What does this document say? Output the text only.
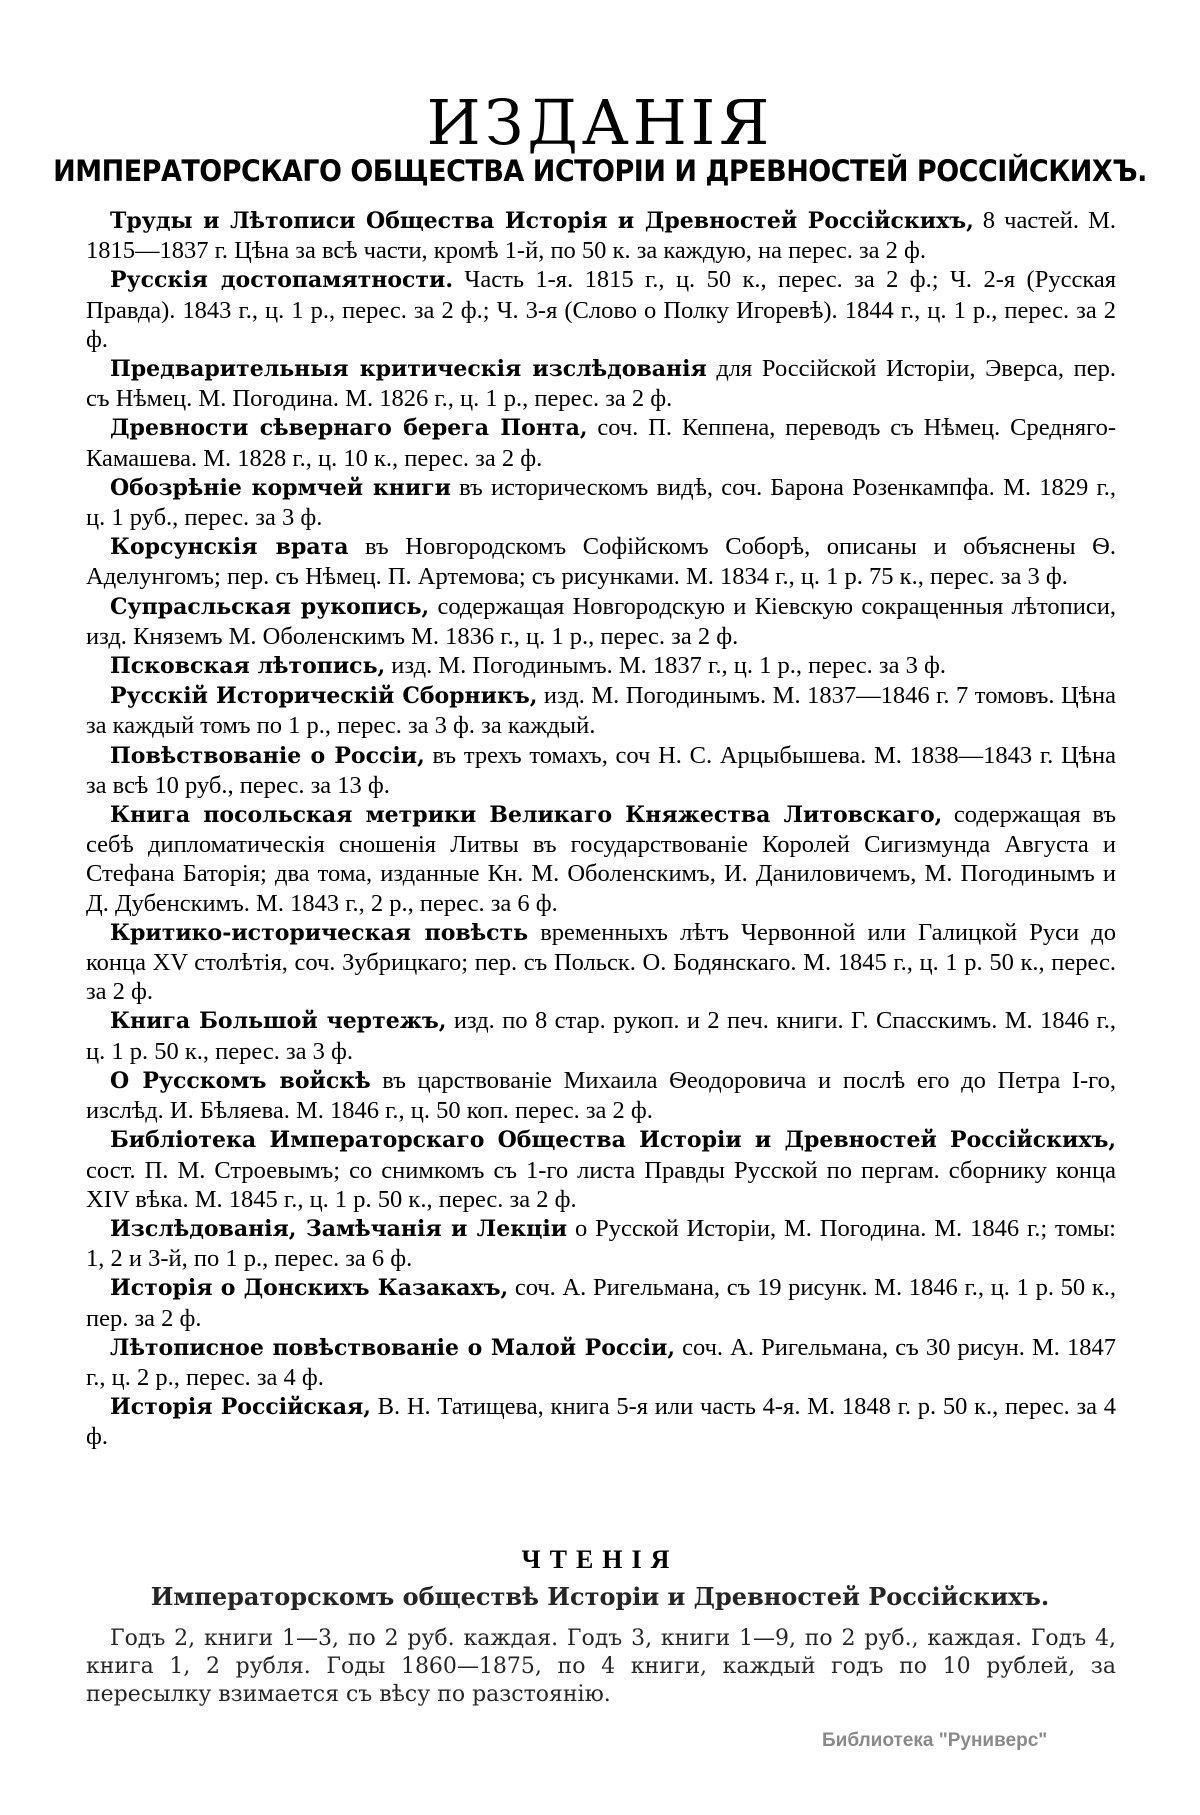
ИЗДАНІЯ
ИМПЕРАТОРСКАГО ОБЩЕСТВА ИСТОРІИ И ДРЕВНОСТЕЙ РОССІЙСКИХЪ.

Труды и Лѣтописи Общества Исторія и Древностей Россійскихъ, 8 частей. М. 1815—1837 г. Цѣна за всѣ части, кромѣ 1-й, по 50 к. за каждую, на перес. за 2 ф.

Русскія достопамятности. Часть 1-я. 1815 г., ц. 50 к., перес. за 2 ф.; Ч. 2-я (Русская Правда). 1843 г., ц. 1 р., перес. за 2 ф.; Ч. 3-я (Слово о Полку Игоревѣ). 1844 г., ц. 1 р., перес. за 2 ф.

Предварительныя критическія изслѣдованія для Россійской Исторіи, Эверса, пер. съ Нѣмец. М. Погодина. М. 1826 г., ц. 1 р., перес. за 2 ф.

Древности сѣвернаго берега Понта, соч. П. Кеппена, переводъ съ Нѣмец. Средняго-Камашева. М. 1828 г., ц. 10 к., перес. за 2 ф.

Обозрѣніе кормчей книги въ историческомъ видѣ, соч. Барона Розенкампфа. М. 1829 г., ц. 1 руб., перес. за 3 ф.

Корсунскія врата въ Новгородскомъ Софійскомъ Соборѣ, описаны и объяснены Ѳ. Аделунгомъ; пер. съ Нѣмец. П. Артемова; съ рисунками. М. 1834 г., ц. 1 р. 75 к., перес. за 3 ф.

Супрасльская рукопись, содержащая Новгородскую и Кіевскую сокращенныя лѣтописи, изд. Княземъ М. Оболенскимъ М. 1836 г., ц. 1 р., перес. за 2 ф.

Псковская лѣтопись, изд. М. Погодинымъ. М. 1837 г., ц. 1 р., перес. за 3 ф.

Русскій Историческій Сборникъ, изд. М. Погодинымъ. М. 1837—1846 г. 7 томовъ. Цѣна за каждый томъ по 1 р., перес. за 3 ф. за каждый.

Повѣствованіе о Россіи, въ трехъ томахъ, соч Н. С. Арцыбышева. М. 1838—1843 г. Цѣна за всѣ 10 руб., перес. за 13 ф.

Книга посольская метрики Великаго Княжества Литовскаго, содержащая въ себѣ дипломатическія сношенія Литвы въ государствованіе Королей Сигизмунда Августа и Стефана Баторія; два тома, изданные Кн. М. Оболенскимъ, И. Даниловичемъ, М. Погодинымъ и Д. Дубенскимъ. М. 1843 г., 2 р., перес. за 6 ф.

Критико-историческая повѣсть временныхъ лѣтъ Червонной или Галицкой Руси до конца XV столѣтія, соч. Зубрицкаго; пер. съ Польск. О. Бодянскаго. М. 1845 г., ц. 1 р. 50 к., перес. за 2 ф.

Книга Большой чертежъ, изд. по 8 стар. рукоп. и 2 печ. книги. Г. Спасскимъ. М. 1846 г., ц. 1 р. 50 к., перес. за 3 ф.

О Русскомъ войскѣ въ царствованіе Михаила Ѳеодоровича и послѣ его до Петра I-го, изслѣд. И. Бѣляева. М. 1846 г., ц. 50 коп. перес. за 2 ф.

Библіотека Императорскаго Общества Исторіи и Древностей Россійскихъ, сост. П. М. Строевымъ; со снимкомъ съ 1-го листа Правды Русской по пергам. сборнику конца XIV вѣка. М. 1845 г., ц. 1 р. 50 к., перес. за 2 ф.

Изслѣдованія, Замѣчанія и Лекціи о Русской Исторіи, М. Погодина. М. 1846 г.; томы: 1, 2 и 3-й, по 1 р., перес. за 6 ф.

Исторія о Донскихъ Казакахъ, соч. А. Ригельмана, съ 19 рисунк. М. 1846 г., ц. 1 р. 50 к., пер. за 2 ф.

Лѣтописное повѣствованіе о Малой Россіи, соч. А. Ригельмана, съ 30 рисун. М. 1847 г., ц. 2 р., перес. за 4 ф.

Исторія Россійская, В. Н. Татищева, книга 5-я или часть 4-я. М. 1848 г. р. 50 к., перес. за 4 ф.

ЧТЕНІЯ
Императорскомъ обществѣ Исторіи и Древностей Россійскихъ.
Годъ 2, книги 1—3, по 2 руб. каждая. Годъ 3, книги 1—9, по 2 руб., каждая. Годъ 4, книга 1, 2 рубля. Годы 1860—1875, по 4 книги, каждый годъ по 10 рублей, за пересылку взимается съ вѣсу по разстоянію.
Библиотека "Руниверс"
